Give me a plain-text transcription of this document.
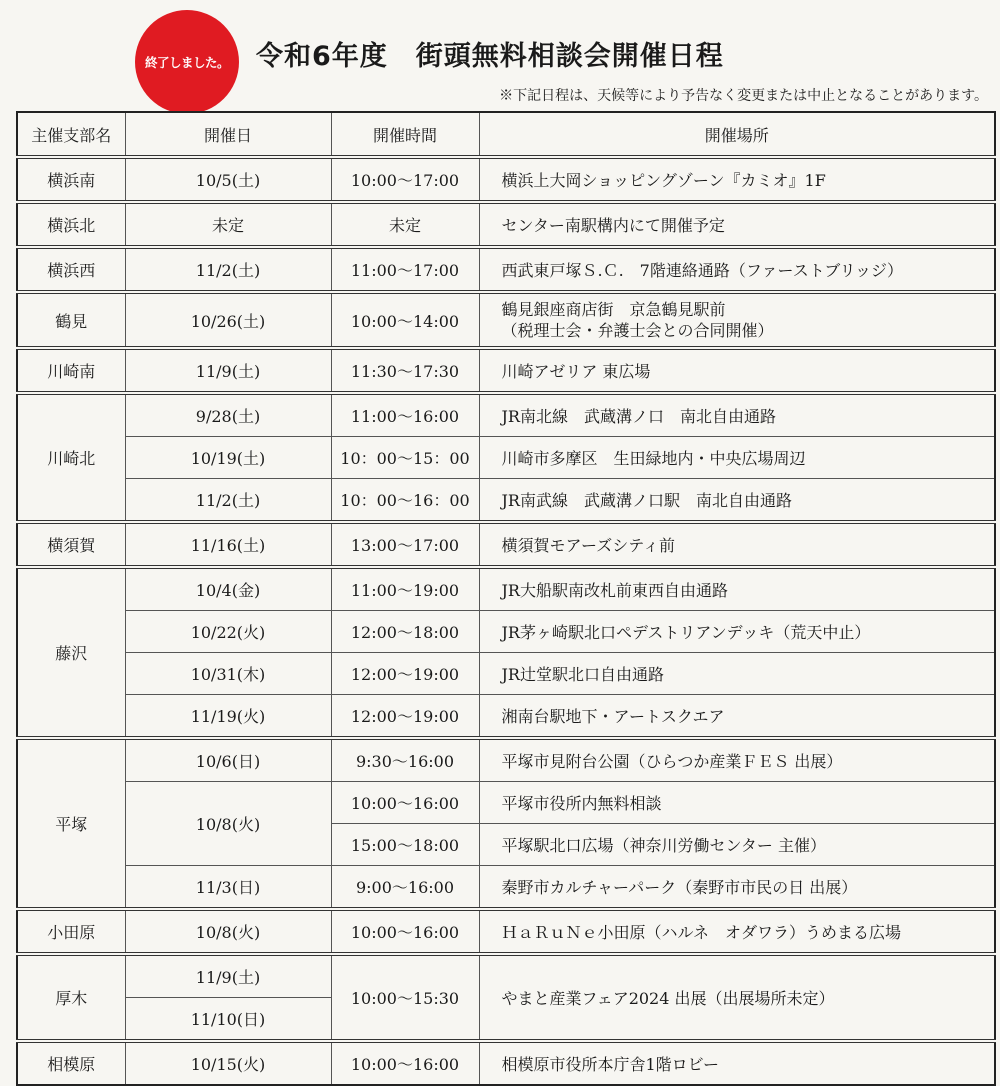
終了しました。 令和6年度　街頭無料相談会開催日程
※下記日程は、天候等により予告なく変更または中止となることがあります。
主催支部名	開催日	開催時間	開催場所
横浜南	10/5(土)	10:00～17:00	横浜上大岡ショッピングゾーン『カミオ』1F
横浜北	未定	未定	センター南駅構内にて開催予定
横浜西	11/2(土)	11:00～17:00	西武東戸塚Ｓ.Ｃ.　7階連絡通路（ファーストブリッジ）
鶴見	10/26(土)	10:00～14:00	鶴見銀座商店街　京急鶴見駅前
（税理士会・弁護士会との合同開催）

川崎南	11/9(土)	11:30～17:30	川崎アゼリア 東広場
川崎北	9/28(土)	11:00～16:00	JR南北線　武蔵溝ノ口　南北自由通路
	10/19(土)	10：00～15：00	川崎市多摩区　生田緑地内・中央広場周辺
	11/2(土)	10：00～16：00	JR南武線　武蔵溝ノ口駅　南北自由通路
横須賀	11/16(土)	13:00～17:00	横須賀モアーズシティ前
藤沢	10/4(金)	11:00～19:00	JR大船駅南改札前東西自由通路
	10/22(火)	12:00～18:00	JR茅ヶ崎駅北口ペデストリアンデッキ（荒天中止）
	10/31(木)	12:00～19:00	JR辻堂駅北口自由通路
	11/19(火)	12:00～19:00	湘南台駅地下・アートスクエア
平塚	10/6(日)	9:30～16:00	平塚市見附台公園（ひらつか産業ＦＥＳ 出展）
	10/8(火)	10:00～16:00	平塚市役所内無料相談
		15:00～18:00	平塚駅北口広場（神奈川労働センター 主催）
	11/3(日)	9:00～16:00	秦野市カルチャーパーク（秦野市市民の日 出展）
小田原	10/8(火)	10:00～16:00	ＨａＲｕＮｅ小田原（ハルネ　オダワラ）うめまる広場
厚木	11/9(土)	10:00～15:30	やまと産業フェア2024 出展（出展場所未定）
	11/10(日)		
相模原	10/15(火)	10:00～16:00	相模原市役所本庁舎1階ロビー
